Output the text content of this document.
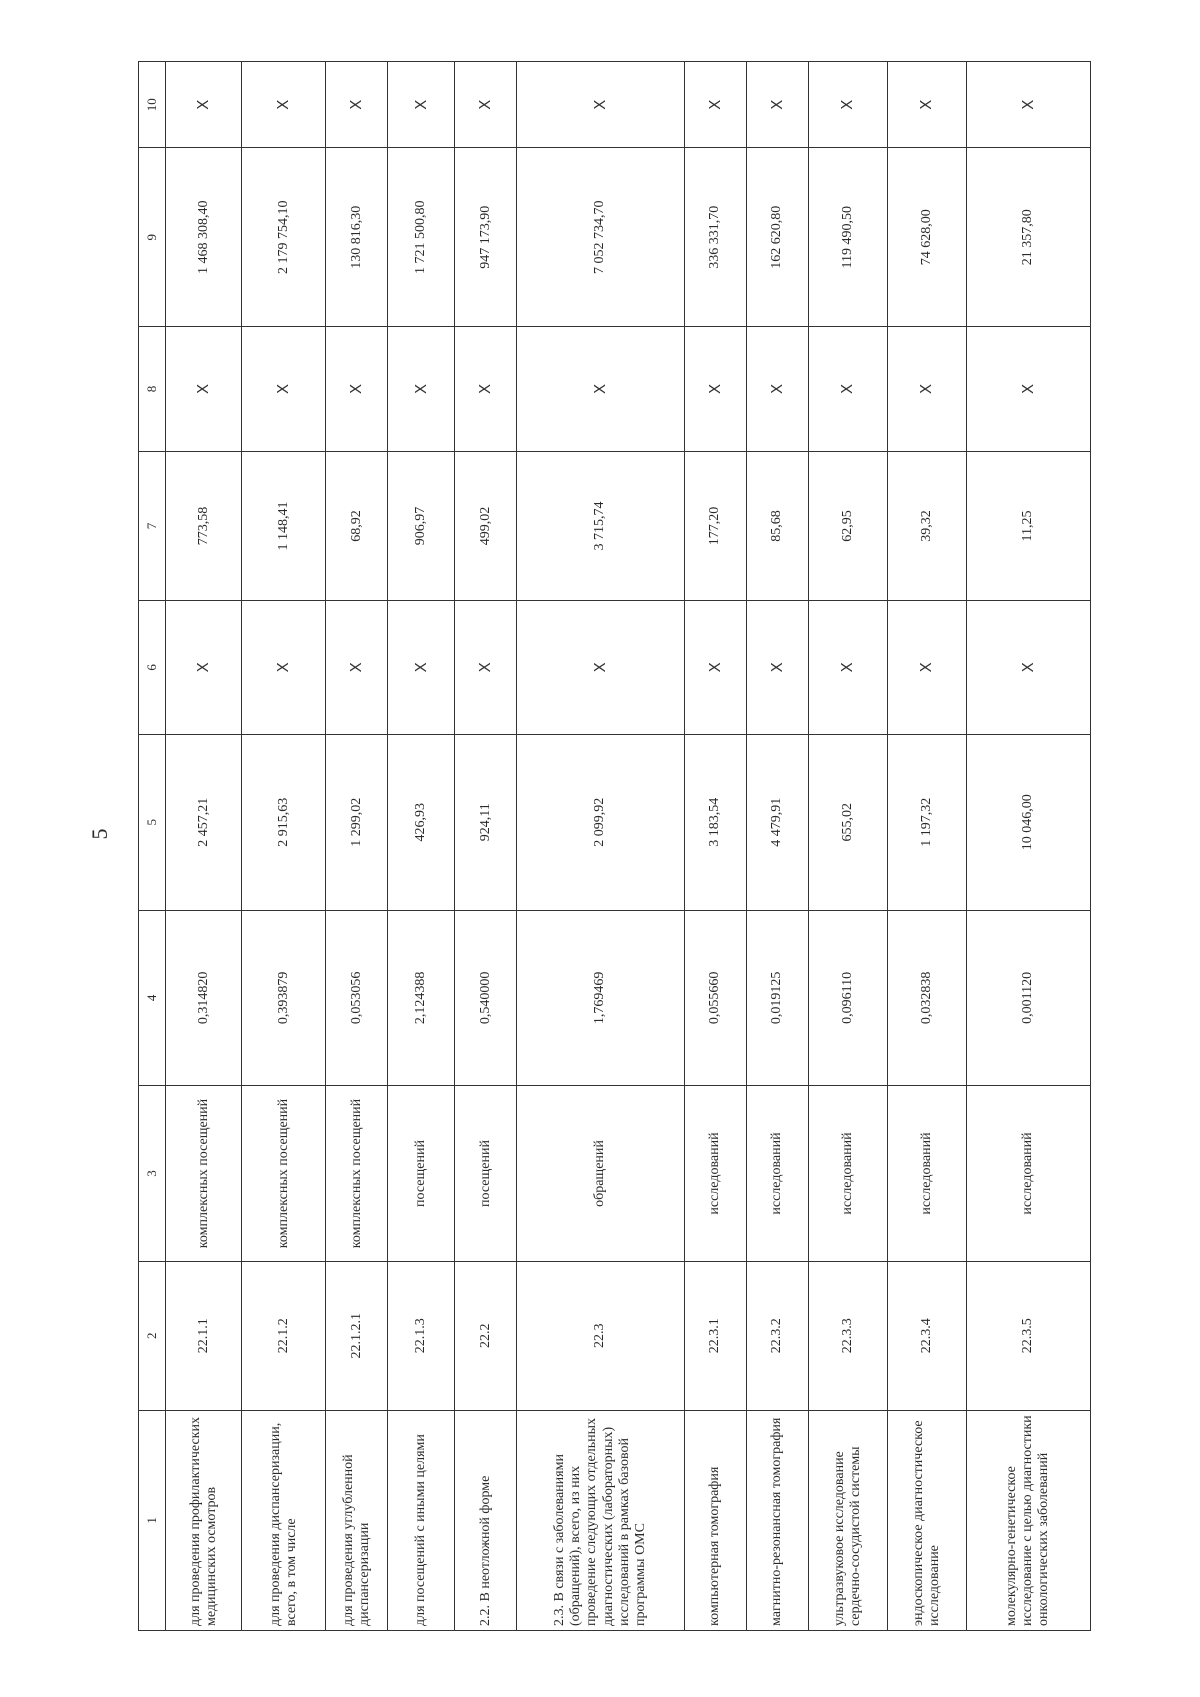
5
1	2	3	4	5	6	7	8	9	10
для проведения профилактических медицинских осмотров	22.1.1	комплексных посещений	0,314820	2 457,21	X	773,58	X	1 468 308,40	X
для проведения диспансеризации, всего, в том числе	22.1.2	комплексных посещений	0,393879	2 915,63	X	1 148,41	X	2 179 754,10	X
для проведения углубленной диспансеризации	22.1.2.1	комплексных посещений	0,053056	1 299,02	X	68,92	X	130 816,30	X
для посещений с иными целями	22.1.3	посещений	2,124388	426,93	X	906,97	X	1 721 500,80	X
2.2. В неотложной форме	22.2	посещений	0,540000	924,11	X	499,02	X	947 173,90	X
2.3. В связи с заболеваниями (обращений), всего, из них проведение следующих отдельных диагностических (лабораторных) исследований в рамках базовой программы ОМС	22.3	обращений	1,769469	2 099,92	X	3 715,74	X	7 052 734,70	X
компьютерная томография	22.3.1	исследований	0,055660	3 183,54	X	177,20	X	336 331,70	X
магнитно-резонансная томография	22.3.2	исследований	0,019125	4 479,91	X	85,68	X	162 620,80	X
ультразвуковое исследование сердечно-сосудистой системы	22.3.3	исследований	0,096110	655,02	X	62,95	X	119 490,50	X
эндоскопическое диагностическое исследование	22.3.4	исследований	0,032838	1 197,32	X	39,32	X	74 628,00	X
молекулярно-генетическое исследование с целью диагностики онкологических заболеваний	22.3.5	исследований	0,001120	10 046,00	X	11,25	X	21 357,80	X
